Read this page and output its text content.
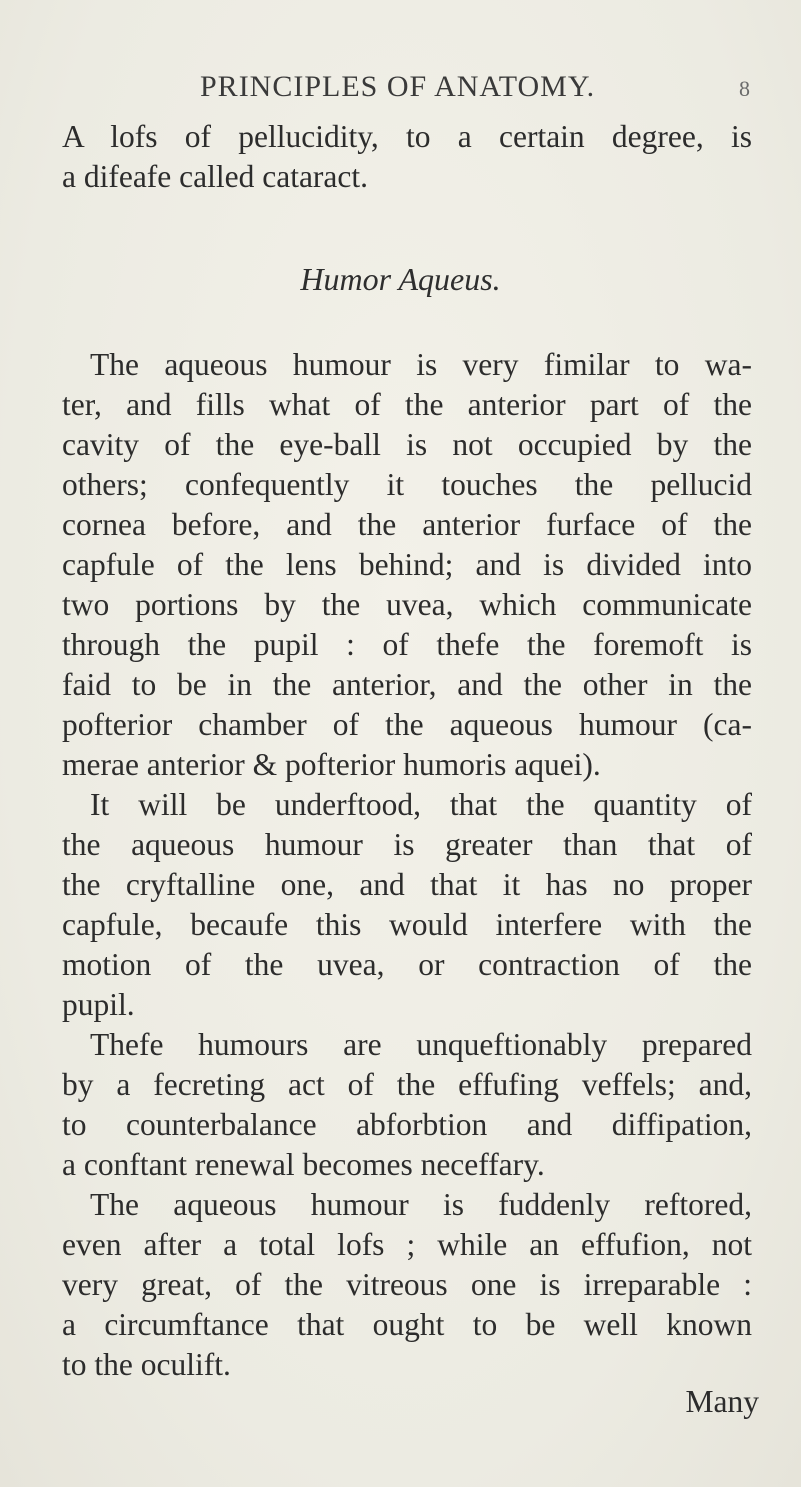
PRINCIPLES OF ANATOMY.	8
A lofs of pellucidity, to a certain degree, is
a difeafe called cataract.
Humor Aqueus.
The aqueous humour is very fimilar to wa-
ter, and fills what of the anterior part of the
cavity of the eye-ball is not occupied by the
others; confequently it touches the pellucid
cornea before, and the anterior furface of the
capfule of the lens behind; and is divided into
two portions by the uvea, which communicate
through the pupil : of thefe the foremoft is
faid to be in the anterior, and the other in the
pofterior chamber of the aqueous humour (ca-
merae anterior & pofterior humoris aquei).
It will be underftood, that the quantity of
the aqueous humour is greater than that of
the cryftalline one, and that it has no proper
capfule, becaufe this would interfere with the
motion of the uvea, or contraction of the
pupil.
Thefe humours are unqueftionably prepared
by a fecreting act of the effufing veffels; and,
to counterbalance abforbtion and diffipation,
a conftant renewal becomes neceffary.
The aqueous humour is fuddenly reftored,
even after a total lofs ; while an effufion, not
very great, of the vitreous one is irreparable :
a circumftance that ought to be well known
to the oculift.
Many
